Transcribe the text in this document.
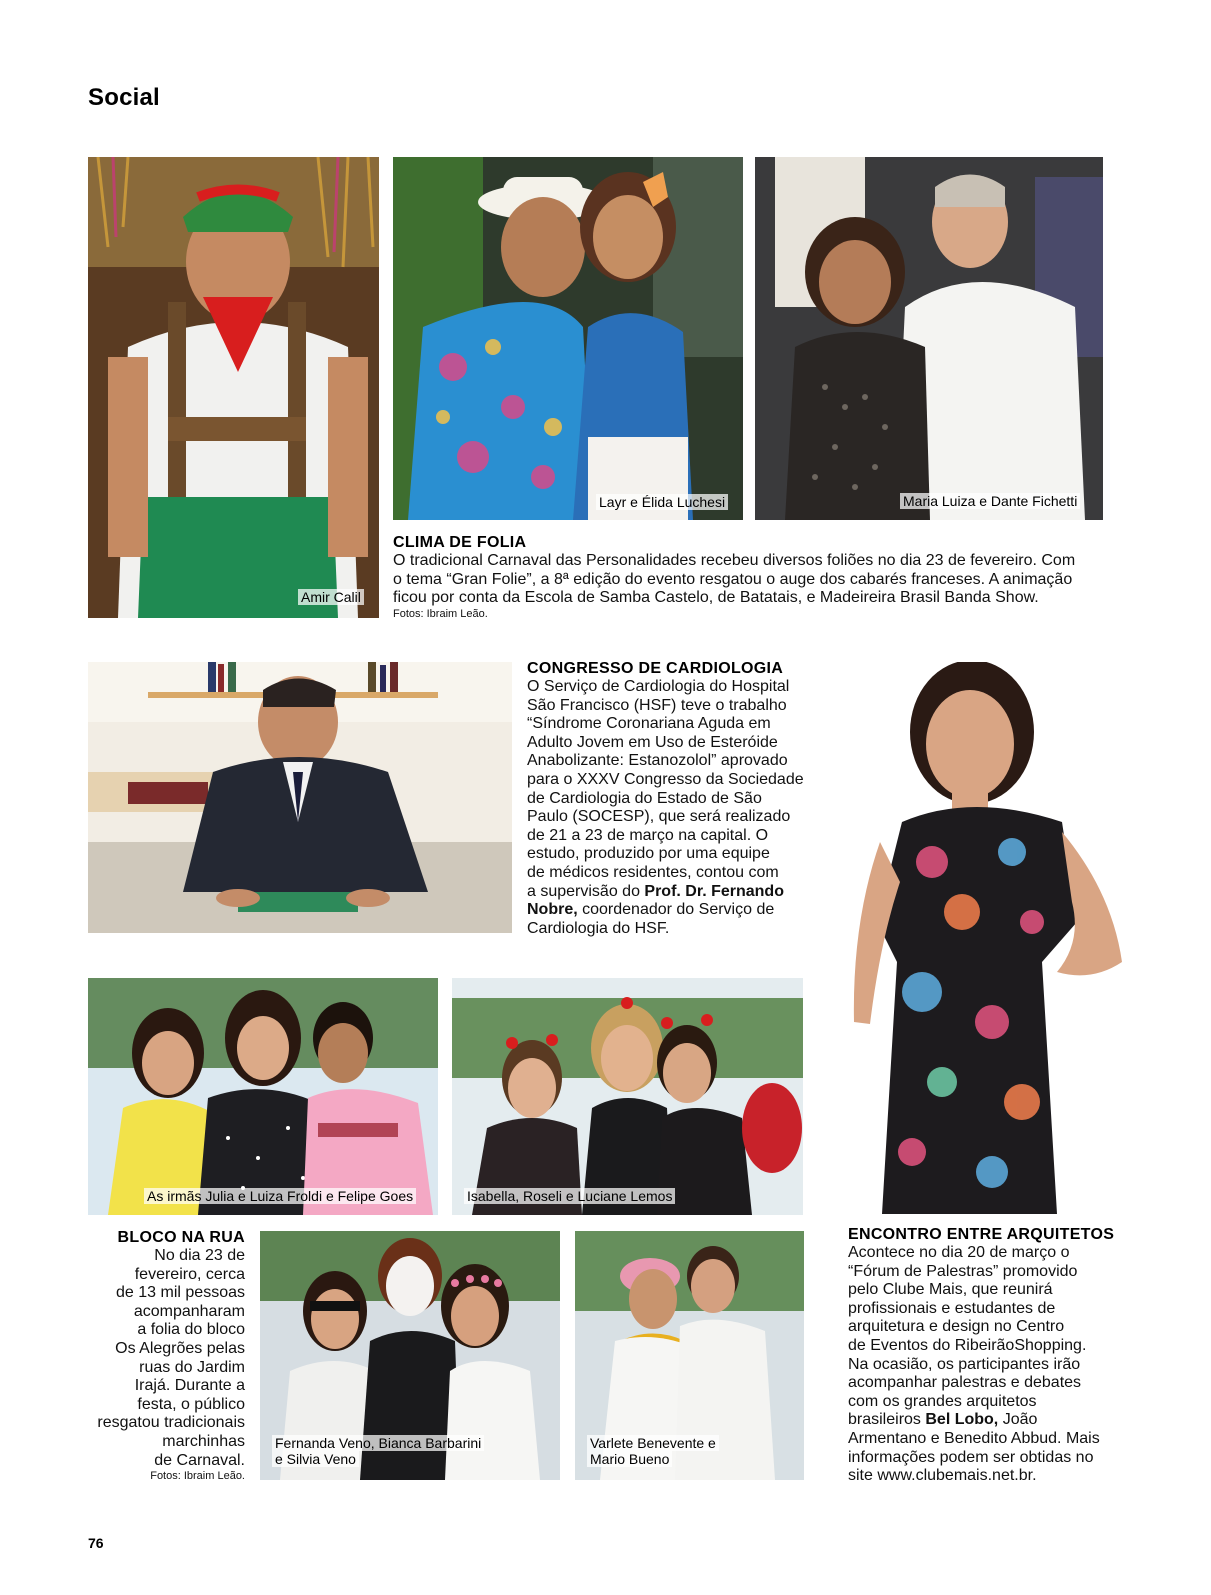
Social
Amir Calil
Layr e Élida Luchesi	Maria Luiza e Dante Fichetti
CLIMA DE FOLIA
O tradicional Carnaval das Personalidades recebeu diversos foliões no dia 23 de fevereiro. Com
o tema “Gran Folie”, a 8ª edição do evento resgatou o auge dos cabarés franceses. A animação
ficou por conta da Escola de Samba Castelo, de Batatais, e Madeireira Brasil Banda Show.
Fotos: Ibraim Leão.
CONGRESSO DE CARDIOLOGIA
O Serviço de Cardiologia do Hospital
São Francisco (HSF) teve o trabalho
“Síndrome Coronariana Aguda em
Adulto Jovem em Uso de Esteróide
Anabolizante: Estanozolol” aprovado
para o XXXV Congresso da Sociedade
de Cardiologia do Estado de São
Paulo (SOCESP), que será realizado
de 21 a 23 de março na capital. O
estudo, produzido por uma equipe
de médicos residentes, contou com
a supervisão do Prof. Dr. Fernando
Nobre, coordenador do Serviço de
Cardiologia do HSF.
As irmãs Julia e Luiza Froldi e Felipe Goes	Isabella, Roseli e Luciane Lemos
BLOCO NA RUA
No dia 23 de
fevereiro, cerca
de 13 mil pessoas
acompanharam
a folia do bloco
Os Alegrões pelas
ruas do Jardim
Irajá. Durante a
festa, o público
resgatou tradicionais
marchinhas
de Carnaval.
Fotos: Ibraim Leão.
Fernanda Veno, Bianca Barbarini
e Silvia Veno
Varlete Benevente e
Mario Bueno
ENCONTRO ENTRE ARQUITETOS
Acontece no dia 20 de março o
“Fórum de Palestras” promovido
pelo Clube Mais, que reunirá
profissionais e estudantes de
arquitetura e design no Centro
de Eventos do RibeirãoShopping.
Na ocasião, os participantes irão
acompanhar palestras e debates
com os grandes arquitetos
brasileiros Bel Lobo, João
Armentano e Benedito Abbud. Mais
informações podem ser obtidas no
site www.clubemais.net.br.
76
